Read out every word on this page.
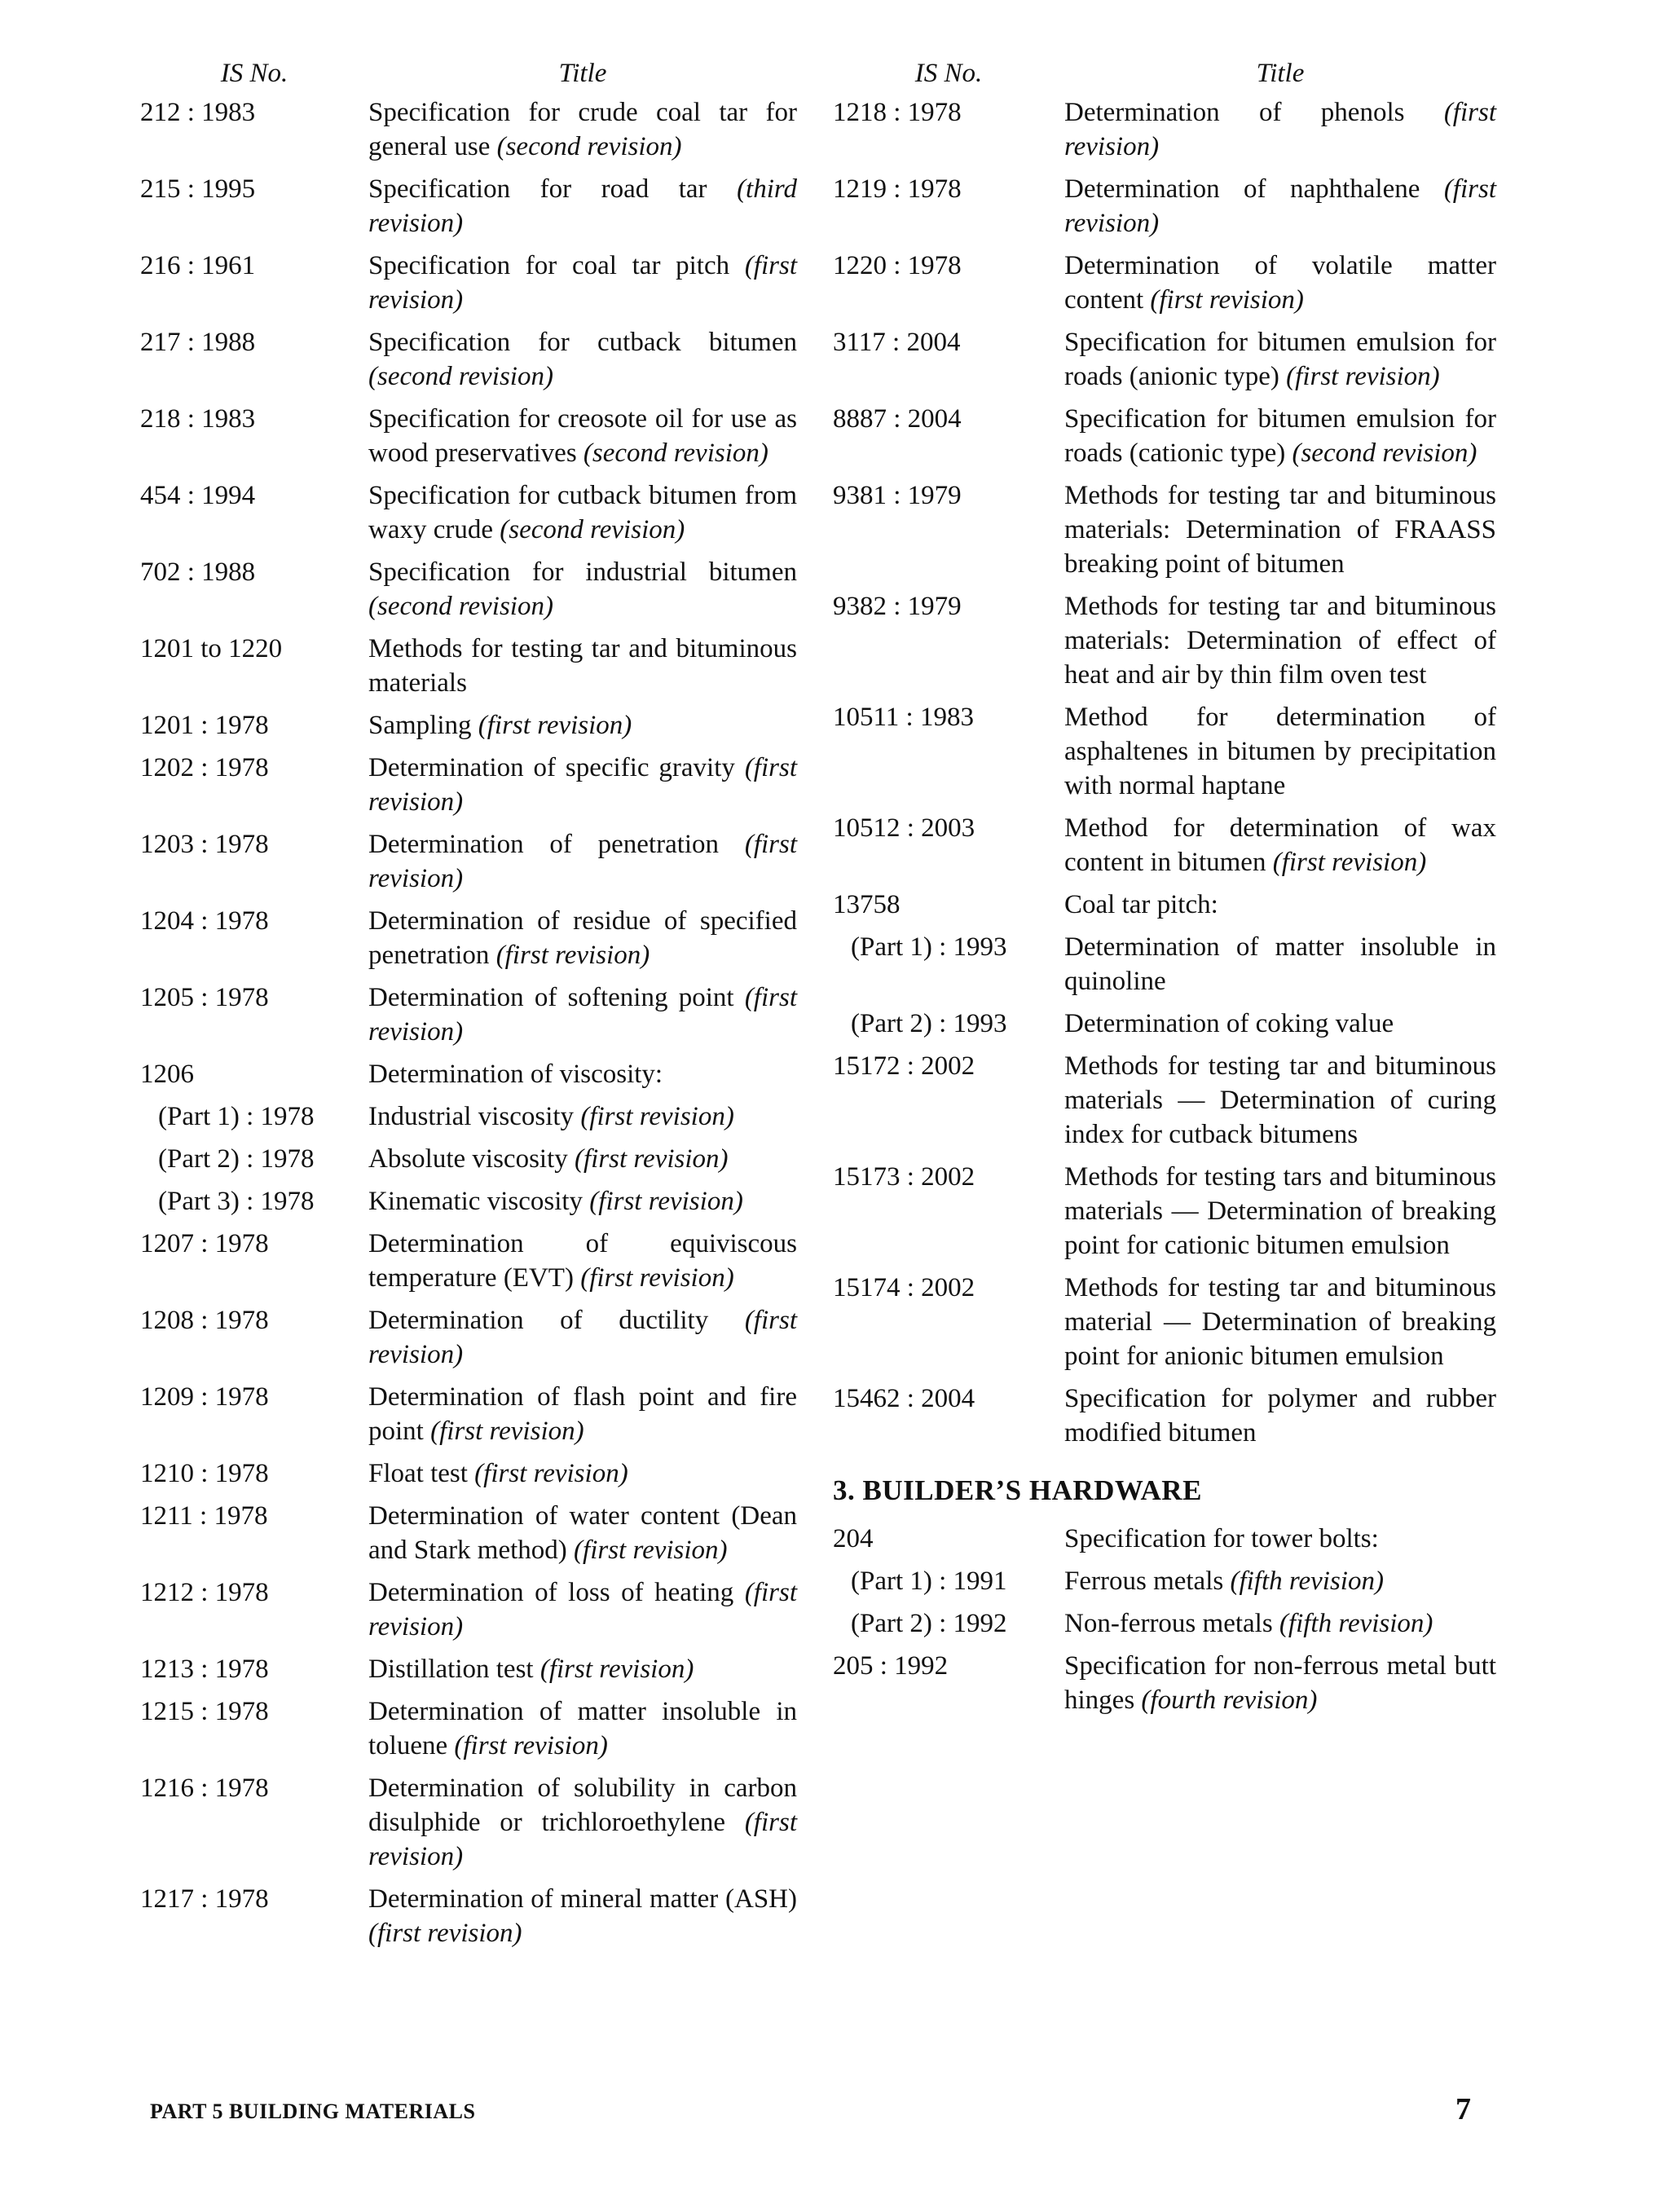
IS No.	Title
212 : 1983	Specification for crude coal tar for general use (second revision)
215 : 1995	Specification for road tar (third revision)
216 : 1961	Specification for coal tar pitch (first revision)
217 : 1988	Specification for cutback bitumen (second revision)
218 : 1983	Specification for creosote oil for use as wood preservatives (second revision)
454 : 1994	Specification for cutback bitumen from waxy crude (second revision)
702 : 1988	Specification for industrial bitumen (second revision)
1201 to 1220	Methods for testing tar and bituminous materials
1201 : 1978	Sampling (first revision)
1202 : 1978	Determination of specific gravity (first revision)
1203 : 1978	Determination of penetration (first revision)
1204 : 1978	Determination of residue of specified penetration (first revision)
1205 : 1978	Determination of softening point (first revision)
1206	Determination of viscosity:
(Part 1) : 1978	Industrial viscosity (first revision)
(Part 2) : 1978	Absolute viscosity (first revision)
(Part 3) : 1978	Kinematic viscosity (first revision)
1207 : 1978	Determination of equiviscous temperature (EVT) (first revision)
1208 : 1978	Determination of ductility (first revision)
1209 : 1978	Determination of flash point and fire point (first revision)
1210 : 1978	Float test (first revision)
1211 : 1978	Determination of water content (Dean and Stark method) (first revision)
1212 : 1978	Determination of loss of heating (first revision)
1213 : 1978	Distillation test (first revision)
1215 : 1978	Determination of matter insoluble in toluene (first revision)
1216 : 1978	Determination of solubility in carbon disulphide or trichloroethylene (first revision)
1217 : 1978	Determination of mineral matter (ASH) (first revision)
IS No.	Title
1218 : 1978	Determination of phenols (first revision)
1219 : 1978	Determination of naphthalene (first revision)
1220 : 1978	Determination of volatile matter content (first revision)
3117 : 2004	Specification for bitumen emulsion for roads (anionic type) (first revision)
8887 : 2004	Specification for bitumen emulsion for roads (cationic type) (second revision)
9381 : 1979	Methods for testing tar and bituminous materials: Determination of FRAASS breaking point of bitumen
9382 : 1979	Methods for testing tar and bituminous materials: Determination of effect of heat and air by thin film oven test
10511 : 1983	Method for determination of asphaltenes in bitumen by precipitation with normal haptane
10512 : 2003	Method for determination of wax content in bitumen (first revision)
13758	Coal tar pitch:
(Part 1) : 1993	Determination of matter insoluble in quinoline
(Part 2) : 1993	Determination of coking value
15172 : 2002	Methods for testing tar and bituminous materials — Determination of curing index for cutback bitumens
15173 : 2002	Methods for testing tars and bituminous materials — Determination of breaking point for cationic bitumen emulsion
15174 : 2002	Methods for testing tar and bituminous material — Determination of breaking point for anionic bitumen emulsion
15462 : 2004	Specification for polymer and rubber modified bitumen
3. BUILDER’S HARDWARE
204	Specification for tower bolts:
(Part 1) : 1991	Ferrous metals (fifth revision)
(Part 2) : 1992	Non-ferrous metals (fifth revision)
205 : 1992	Specification for non-ferrous metal butt hinges (fourth revision)
PART 5 BUILDING MATERIALS	7
